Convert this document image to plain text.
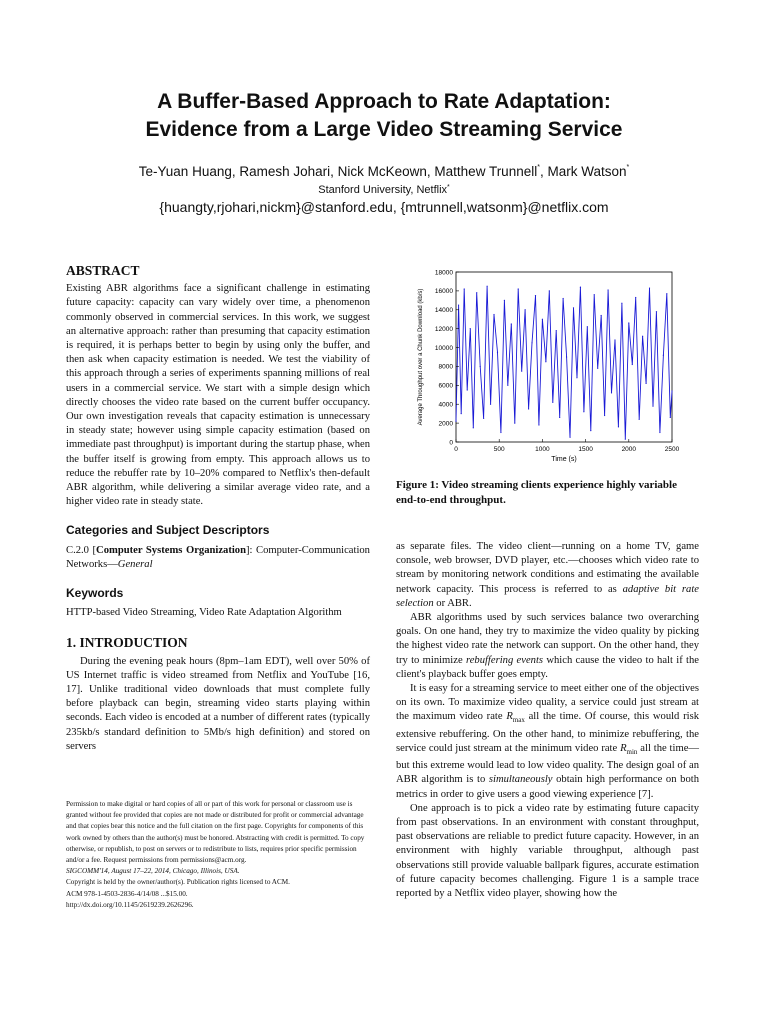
A Buffer-Based Approach to Rate Adaptation:
Evidence from a Large Video Streaming Service
Te-Yuan Huang, Ramesh Johari, Nick McKeown, Matthew Trunnell*, Mark Watson*
Stanford University, Netflix*
{huangty,rjohari,nickm}@stanford.edu, {mtrunnell,watsonm}@netflix.com
ABSTRACT

Existing ABR algorithms face a significant challenge in estimating future capacity: capacity can vary widely over time, a phenomenon commonly observed in commercial services. In this work, we suggest an alternative approach: rather than presuming that capacity estimation is required, it is perhaps better to begin by using only the buffer, and then ask when capacity estimation is needed. We test the viability of this approach through a series of experiments spanning millions of real users in a commercial service. We start with a simple design which directly chooses the video rate based on the current buffer occupancy. Our own investigation reveals that capacity estimation is unnecessary in steady state; however using simple capacity estimation (based on immediate past throughput) is important during the startup phase, when the buffer itself is growing from empty. This approach allows us to reduce the rebuffer rate by 10–20% compared to Netflix's then-default ABR algorithm, while delivering a similar average video rate, and a higher video rate in steady state.

Categories and Subject Descriptors

C.2.0 [Computer Systems Organization]: Computer-Communication Networks—General

Keywords

HTTP-based Video Streaming, Video Rate Adaptation Algorithm

1. INTRODUCTION

During the evening peak hours (8pm–1am EDT), well over 50% of US Internet traffic is video streamed from Netflix and YouTube [16, 17]. Unlike traditional video downloads that must complete fully before playback can begin, streaming video starts playing within seconds. Each video is encoded at a number of different rates (typically 235kb/s standard definition to 5Mb/s high definition) and stored on servers

Permission to make digital or hard copies of all or part of this work for personal or classroom use is granted without fee provided that copies are not made or distributed for profit or commercial advantage and that copies bear this notice and the full citation on the first page. Copyrights for components of this work owned by others than the author(s) must be honored. Abstracting with credit is permitted. To copy otherwise, or republish, to post on servers or to redistribute to lists, requires prior specific permission and/or a fee. Request permissions from permissions@acm.org.

SIGCOMM'14, August 17–22, 2014, Chicago, Illinois, USA.

Copyright is held by the owner/author(s). Publication rights licensed to ACM.

ACM 978-1-4503-2836-4/14/08 ...$15.00.

http://dx.doi.org/10.1145/2619239.2626296.

0	500	1000	1500	2000	2500
0
2000
4000
6000
8000
10000
12000
14000
16000
18000
Time (s)
Average Throughput over a Chunk Download (kb/s)
Figure 1: Video streaming clients experience highly variable end-to-end throughput.

as separate files. The video client—running on a home TV, game console, web browser, DVD player, etc.—chooses which video rate to stream by monitoring network conditions and estimating the available network capacity. This process is referred to as adaptive bit rate selection or ABR.

ABR algorithms used by such services balance two overarching goals. On one hand, they try to maximize the video quality by picking the highest video rate the network can support. On the other hand, they try to minimize rebuffering events which cause the video to halt if the client's playback buffer goes empty.

It is easy for a streaming service to meet either one of the objectives on its own. To maximize video quality, a service could just stream at the maximum video rate $R_{max}$ all the time. Of course, this would risk extensive rebuffering. On the other hand, to minimize rebuffering, the service could just stream at the minimum video rate $R_{min}$ all the time—but this extreme would lead to low video quality. The design goal of an ABR algorithm is to simultaneously obtain high performance on both metrics in order to give users a good viewing experience [7].

One approach is to pick a video rate by estimating future capacity from past observations. In an environment with constant throughput, past observations are reliable to predict future capacity. However, in an environment with highly variable throughput, although past observations still provide valuable ballpark figures, accurate estimation of future capacity becomes challenging. Figure 1 is a sample trace reported by a Netflix video player, showing how the
